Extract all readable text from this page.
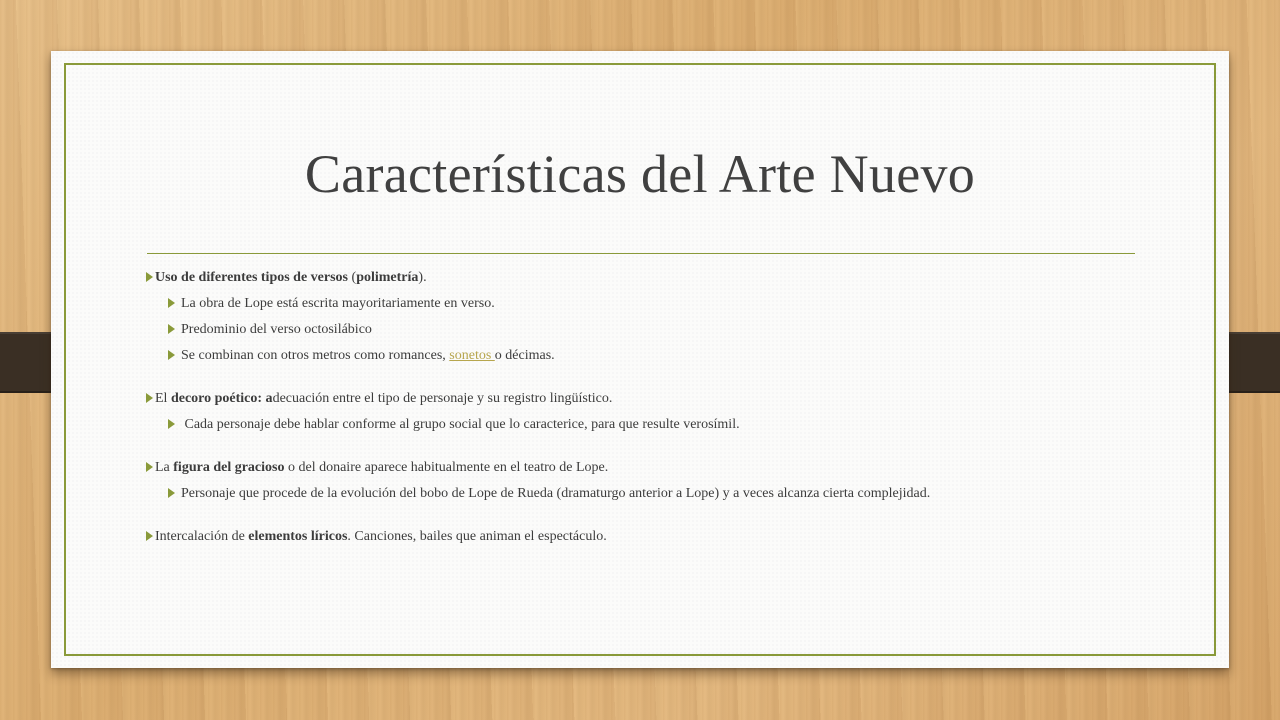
Características del Arte Nuevo
Uso de diferentes tipos de versos (polimetría).
La obra de Lope está escrita mayoritariamente en verso.
Predominio del verso octosilábico
Se combinan con otros metros como romances, sonetos o décimas.
El decoro poético: adecuación entre el tipo de personaje y su registro lingüístico.
Cada personaje debe hablar conforme al grupo social que lo caracterice, para que resulte verosímil.
La figura del gracioso o del donaire aparece habitualmente en el teatro de Lope.
Personaje que procede de la evolución del bobo de Lope de Rueda (dramaturgo anterior a Lope) y a veces alcanza cierta complejidad.
Intercalación de elementos líricos. Canciones, bailes que animan el espectáculo.
